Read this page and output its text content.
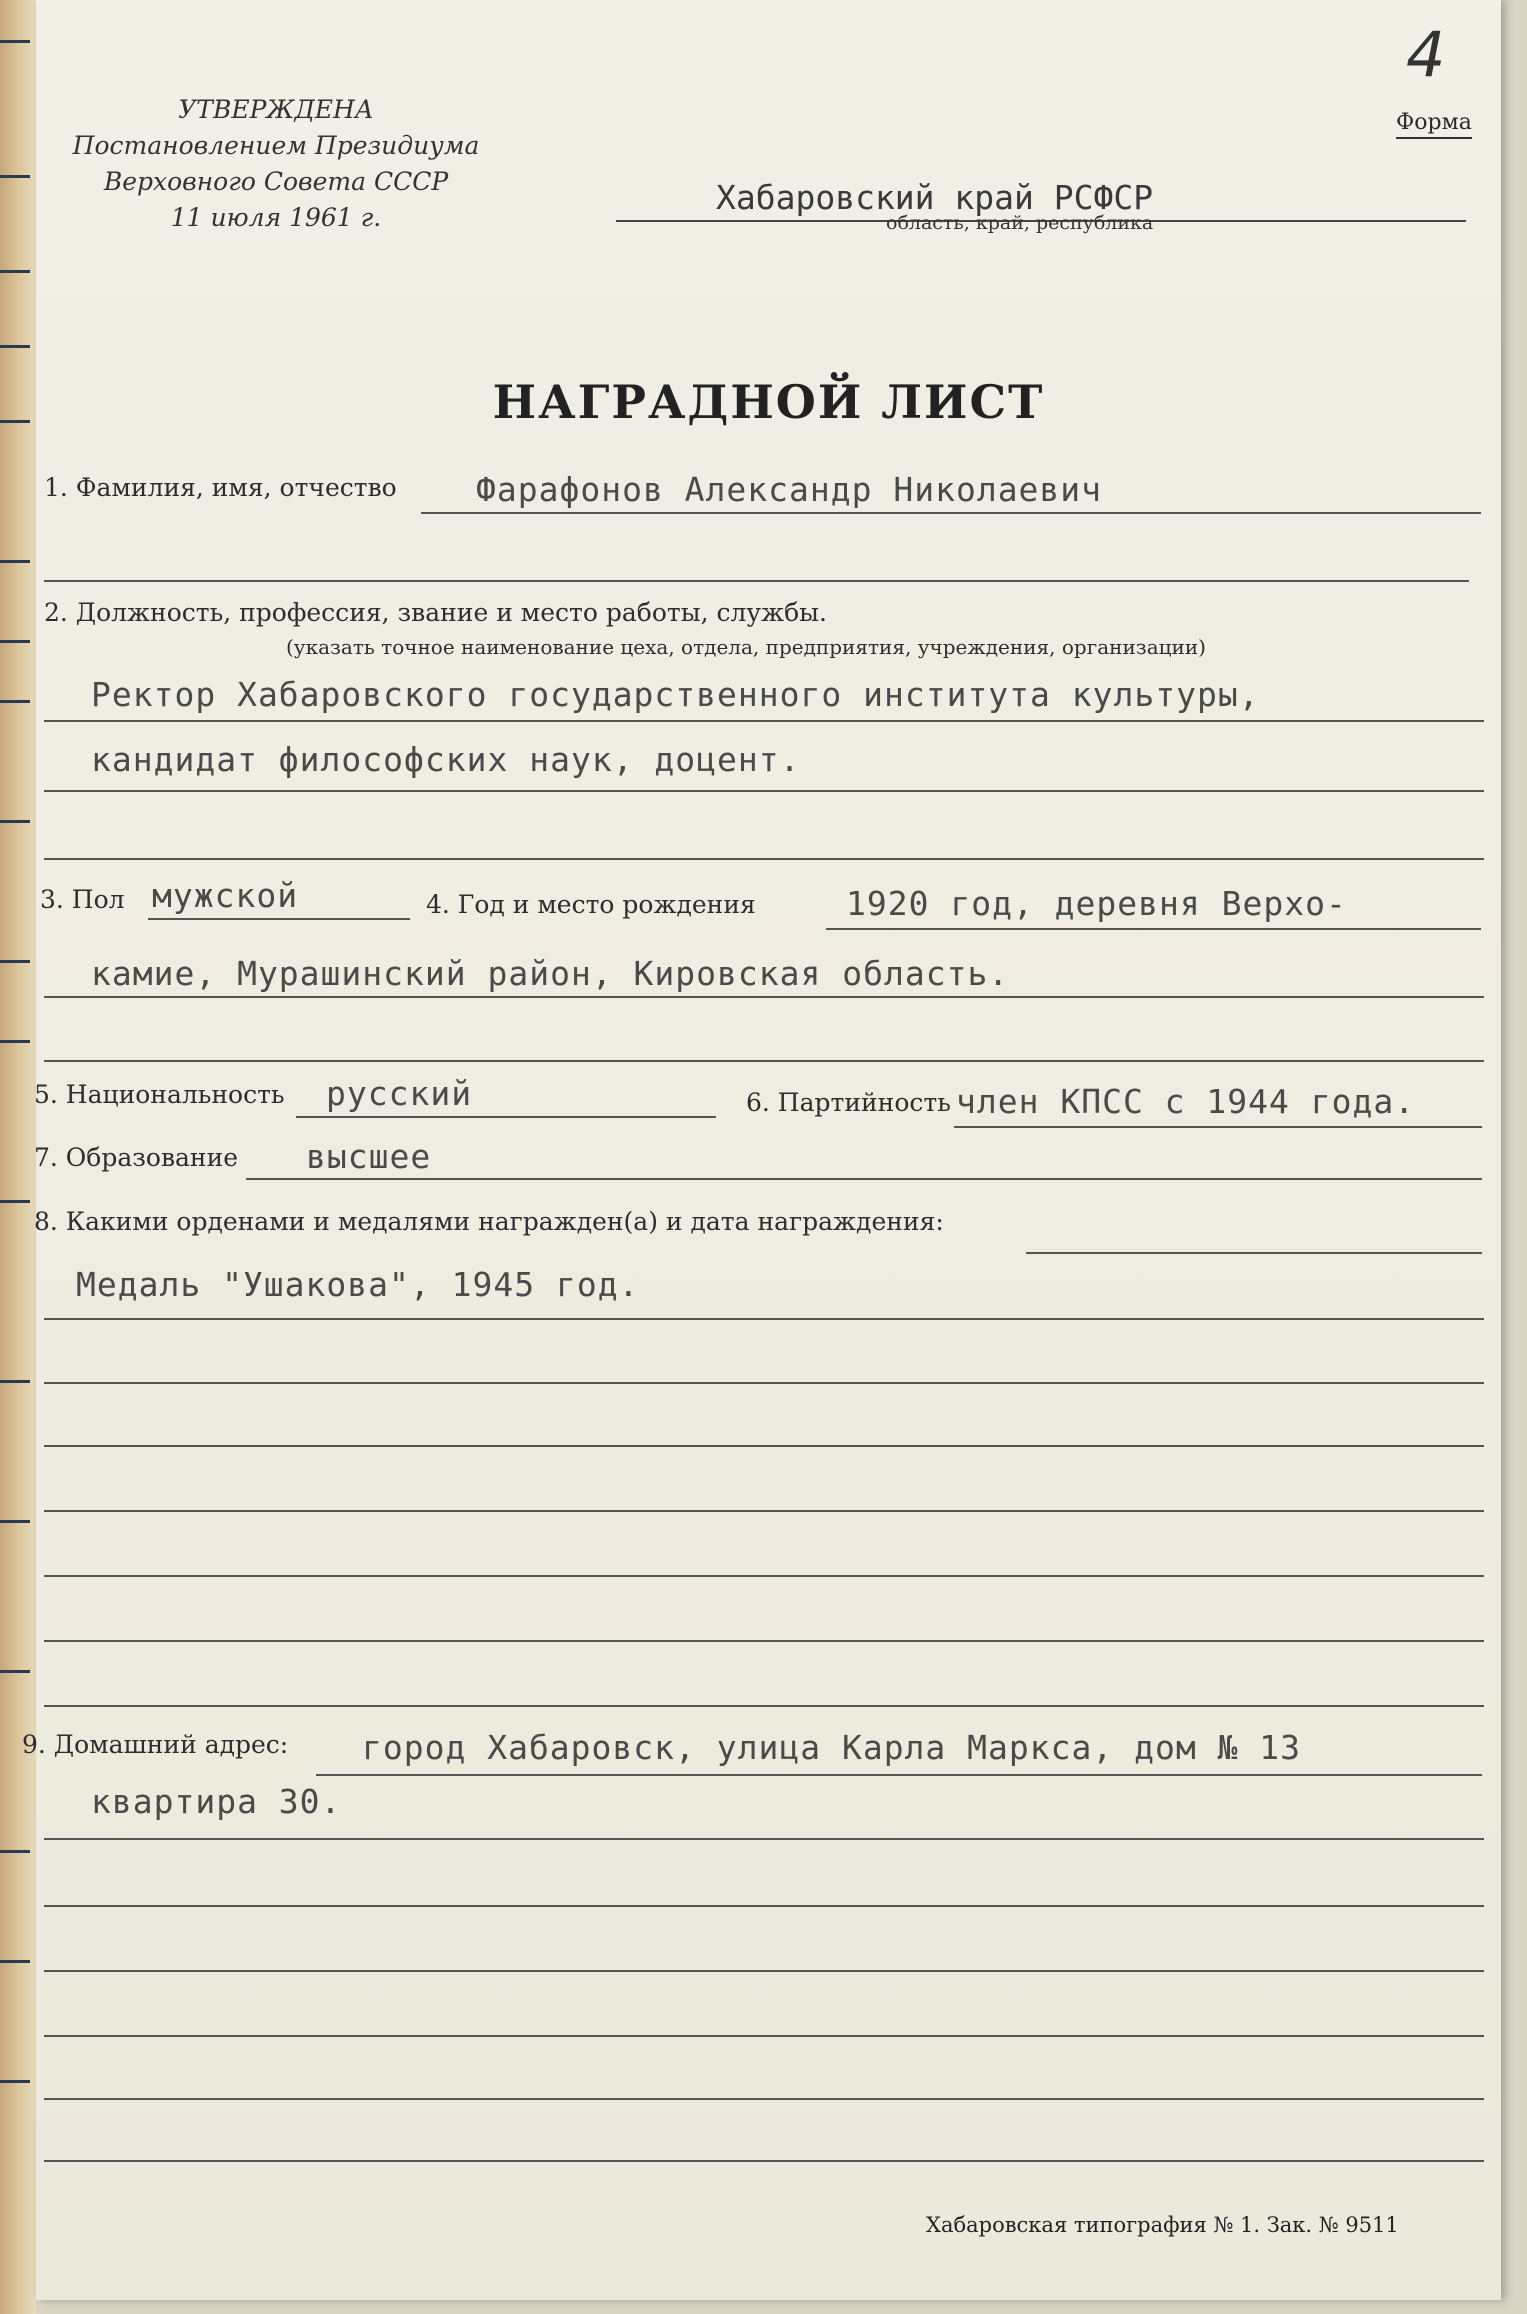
4
УТВЕРЖДЕНА
Постановлением Президиума
Верховного Совета СССР
11 июля 1961 г.
Форма
Хабаровский край РСФСР
область, край, республика
НАГРАДНОЙ ЛИСТ
1. Фамилия, имя, отчество Фарафонов Александр Николаевич
2. Должность, профессия, звание и место работы, службы.
(указать точное наименование цеха, отдела, предприятия, учреждения, организации)
Ректор Хабаровского государственного института культуры,
кандидат философских наук, доцент.
3. Пол мужской	4. Год и место рождения	1920 год, деревня Верхо-
камие, Мурашинский район, Кировская область.
5. Национальность русский	6. Партийность член КПСС с 1944 года.
7. Образование высшее
8. Какими орденами и медалями награжден(а) и дата награждения:
Медаль "Ушакова", 1945 год.
9. Домашний адрес: город Хабаровск, улица Карла Маркса, дом № 13
квартира 30.
Хабаровская типография № 1. Зак. № 9511
